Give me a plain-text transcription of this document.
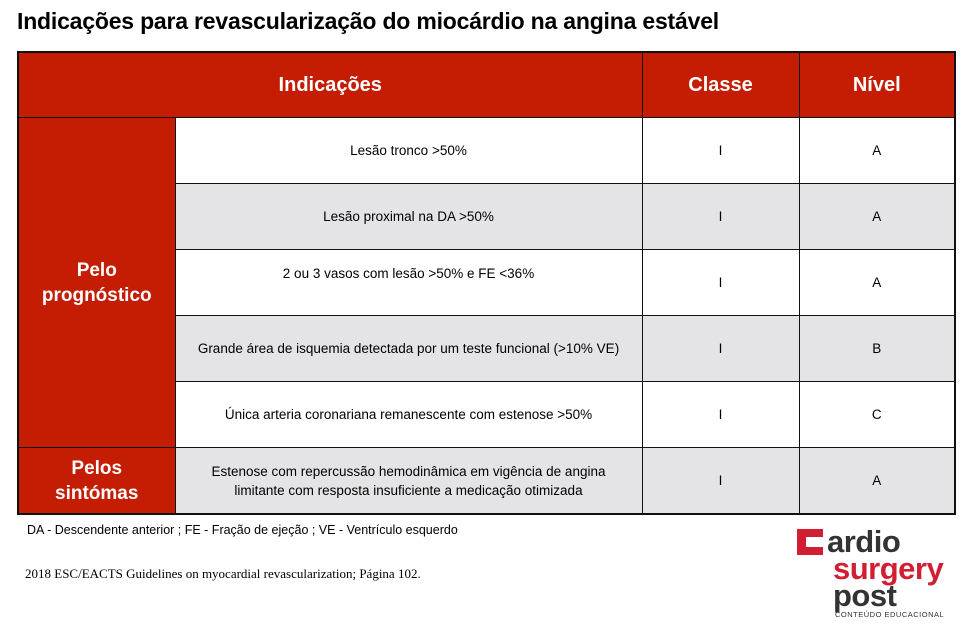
Indicações para revascularização do miocárdio na angina estável
Indicações		Classe	Nível

Pelo
prognóstico	Lesão tronco >50%	I	A
	Lesão proximal na DA >50%	I	A
	2 ou 3 vasos com lesão >50% e FE <36%	I	A
	Grande área de isquemia detectada por um teste funcional (>10% VE)	I	B
	Única arteria coronariana remanescente com estenose >50%	I	C

Pelos
sintómas	Estenose com repercussão hemodinâmica em vigência de angina
limitante com resposta insuficiente a medicação otimizada	I	A
DA - Descendente anterior ; FE - Fração de ejeção ; VE - Ventrículo esquerdo
2018 ESC/EACTS Guidelines on myocardial revascularization; Página 102.
ardio
surgery
post
CONTEÚDO EDUCACIONAL
